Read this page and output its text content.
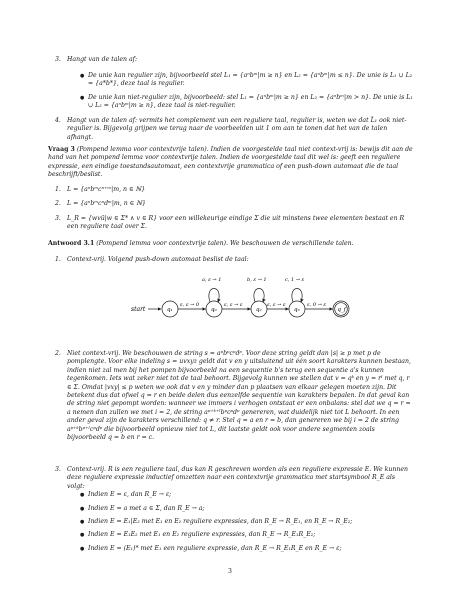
3. Hangt van de talen af:

● De unie kan regulier zijn, bijvoorbeeld stel L₁ = {aⁿbᵐ|m ≥ n} en L₂ = {aⁿbᵐ|m ≤ n}. De unie is L₁ ∪ L₂ = {a*b*}, deze taal is regulier.

● De unie kan niet-regulier zijn, bijvoorbeeld: stel L₁ = {aⁿbᵐ|m ≥ n} en L₂ = {aⁿbᵐ|m > n}. De unie is L₁ ∪ L₂ = {aⁿbᵐ|m ≥ n}, deze taal is niet-regulier.

4. Hangt van de talen af: vermits het complement van een reguliere taal, regulier is, weten we dat L̅₁ ook niet-regulier is. Bijgevolg grijpen we terug naar de voorbeelden uit 1 om aan te tonen dat het van de talen afhangt.

Vraag 3 (Pompend lemma voor contextvrije talen). Indien de voorgestelde taal niet context-vrij is: bewijs dit aan de hand van het pompend lemma voor contextvrije talen. Indien de voorgestelde taal dit wel is: geeft een reguliere expressie, een eindige toestandsautomaat, een contextvrije grammatica of een push-down automaat die de taal beschrijft/beslist.

1. L = {aⁿbᵐcⁿ⁺ᵐ|m, n ∈ ℕ}

2. L = {aⁿbᵐcⁿdᵐ|m, n ∈ ℕ}

3. L_R = {wvū|w ∈ Σ* ∧ v ∈ R} voor een willekeurige eindige Σ die uit minstens twee elementen bestaat en R een reguliere taal over Σ.

Antwoord 3.1 (Pompend lemma voor contextvrije talen). We beschouwen de verschillende talen.

1. Context-vrij. Volgend push-down automaat beslist de taal:

start	q₁	q₀	q₂	q₃	q_f
ε, ε → 0	ε, ε → ε	ε, ε → ε	ε, 0 → ε
a, ε → 1	b, ε → 1	c, 1 → ε
2. Niet context-vrij. We beschouwen de string s = aᵖbᵖcᵖdᵖ. Voor deze string geldt dan |s| ≥ p met p de pomplengte. Voor elke indeling s = uvxyz geldt dat v en y uitsluitend uit één soort karakters kunnen bestaan, indien niet zal men bij het pompen bijvoorbeeld na een sequentie b's terug een sequentie a's kunnen tegenkomen. Iets wat zeker niet tot de taal behoort. Bijgevolg kunnen we stellen dat v = qᵏ en y = rˡ met q, r ∈ Σ. Omdat |vxy| ≤ p weten we ook dat v en y minder dan p plaatsen van elkaar gelegen moeten zijn. Dit betekent dus dat ofwel q = r en beide delen dus eenzelfde sequentie van karakters bepalen. In dat geval kan de string niet gepompt worden: wanneer we immers i verhogen ontstaat er een onbalans: stel dat we q = r = a nemen dan zullen we met i = 2, de string aᵖ⁺ᵏ⁺ˡbᵖcᵖdᵖ genereren, wat duidelijk niet tot L behoort. In een ander geval zijn de karakters verschillend: q ≠ r. Stel q = a en r = b, dan genereren we bij i = 2 de string aᵖ⁺ᵏbᵖ⁺ˡcᵖdᵖ die bijvoorbeeld opnieuw niet tot L, dit laatste geldt ook voor andere segmenten zoals bijvoorbeeld q = b en r = c.

3. Context-vrij. R is een reguliere taal, dus kan R geschreven worden als een reguliere expressie E. We kunnen deze reguliere expressie inductief omzetten naar een contextvrije grammatica met startsymbool R_E als volgt:

● Indien E = ε, dan R_E → ε;

● Indien E = a met a ∈ Σ, dan R_E → a;

● Indien E = E₁|E₂ met E₁ en E₂ reguliere expressies, dan R_E → R_E₁, en R_E → R_E₂;

● Indien E = E₁E₂ met E₁ en E₂ reguliere expressies, dan R_E → R_E₁R_E₂;

● Indien E = (E₁)* met E₁ een reguliere expressie, dan R_E → R_E₁R_E en R_E → ε;

3
